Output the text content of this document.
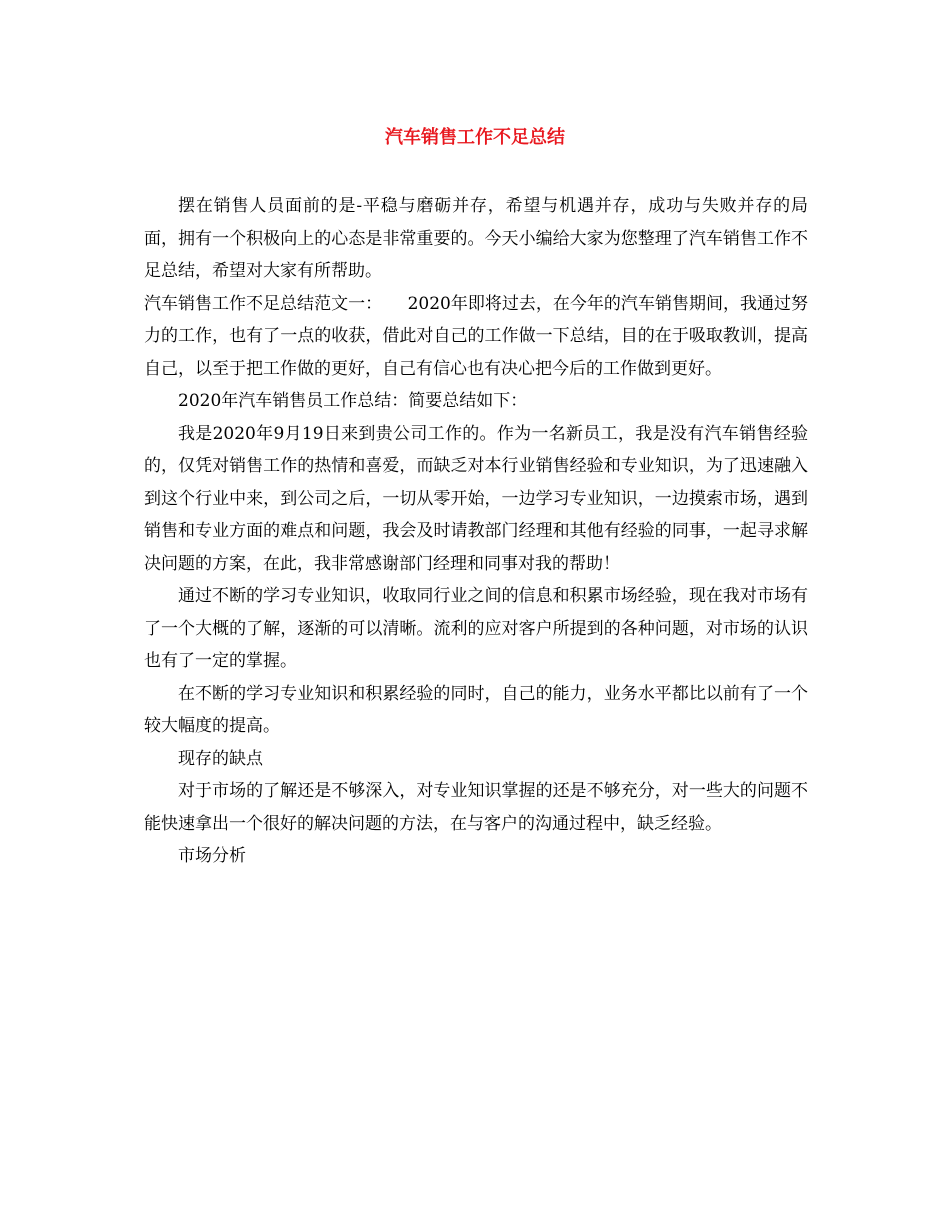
汽车销售工作不足总结

摆在销售人员面前的是-平稳与磨砺并存，希望与机遇并存，成功与失败并存的局面，拥有一个积极向上的心态是非常重要的。今天小编给大家为您整理了汽车销售工作不足总结，希望对大家有所帮助。

汽车销售工作不足总结范文一：　　2020年即将过去，在今年的汽车销售期间，我通过努力的工作，也有了一点的收获，借此对自己的工作做一下总结，目的在于吸取教训，提高自己，以至于把工作做的更好，自己有信心也有决心把今后的工作做到更好。

2020年汽车销售员工作总结：简要总结如下：

我是2020年9月19日来到贵公司工作的。作为一名新员工，我是没有汽车销售经验的，仅凭对销售工作的热情和喜爱，而缺乏对本行业销售经验和专业知识，为了迅速融入到这个行业中来，到公司之后，一切从零开始，一边学习专业知识，一边摸索市场，遇到销售和专业方面的难点和问题，我会及时请教部门经理和其他有经验的同事，一起寻求解决问题的方案，在此，我非常感谢部门经理和同事对我的帮助！

通过不断的学习专业知识，收取同行业之间的信息和积累市场经验，现在我对市场有了一个大概的了解，逐渐的可以清晰。流利的应对客户所提到的各种问题，对市场的认识也有了一定的掌握。

在不断的学习专业知识和积累经验的同时，自己的能力，业务水平都比以前有了一个较大幅度的提高。

现存的缺点

对于市场的了解还是不够深入，对专业知识掌握的还是不够充分，对一些大的问题不能快速拿出一个很好的解决问题的方法，在与客户的沟通过程中，缺乏经验。

市场分析
